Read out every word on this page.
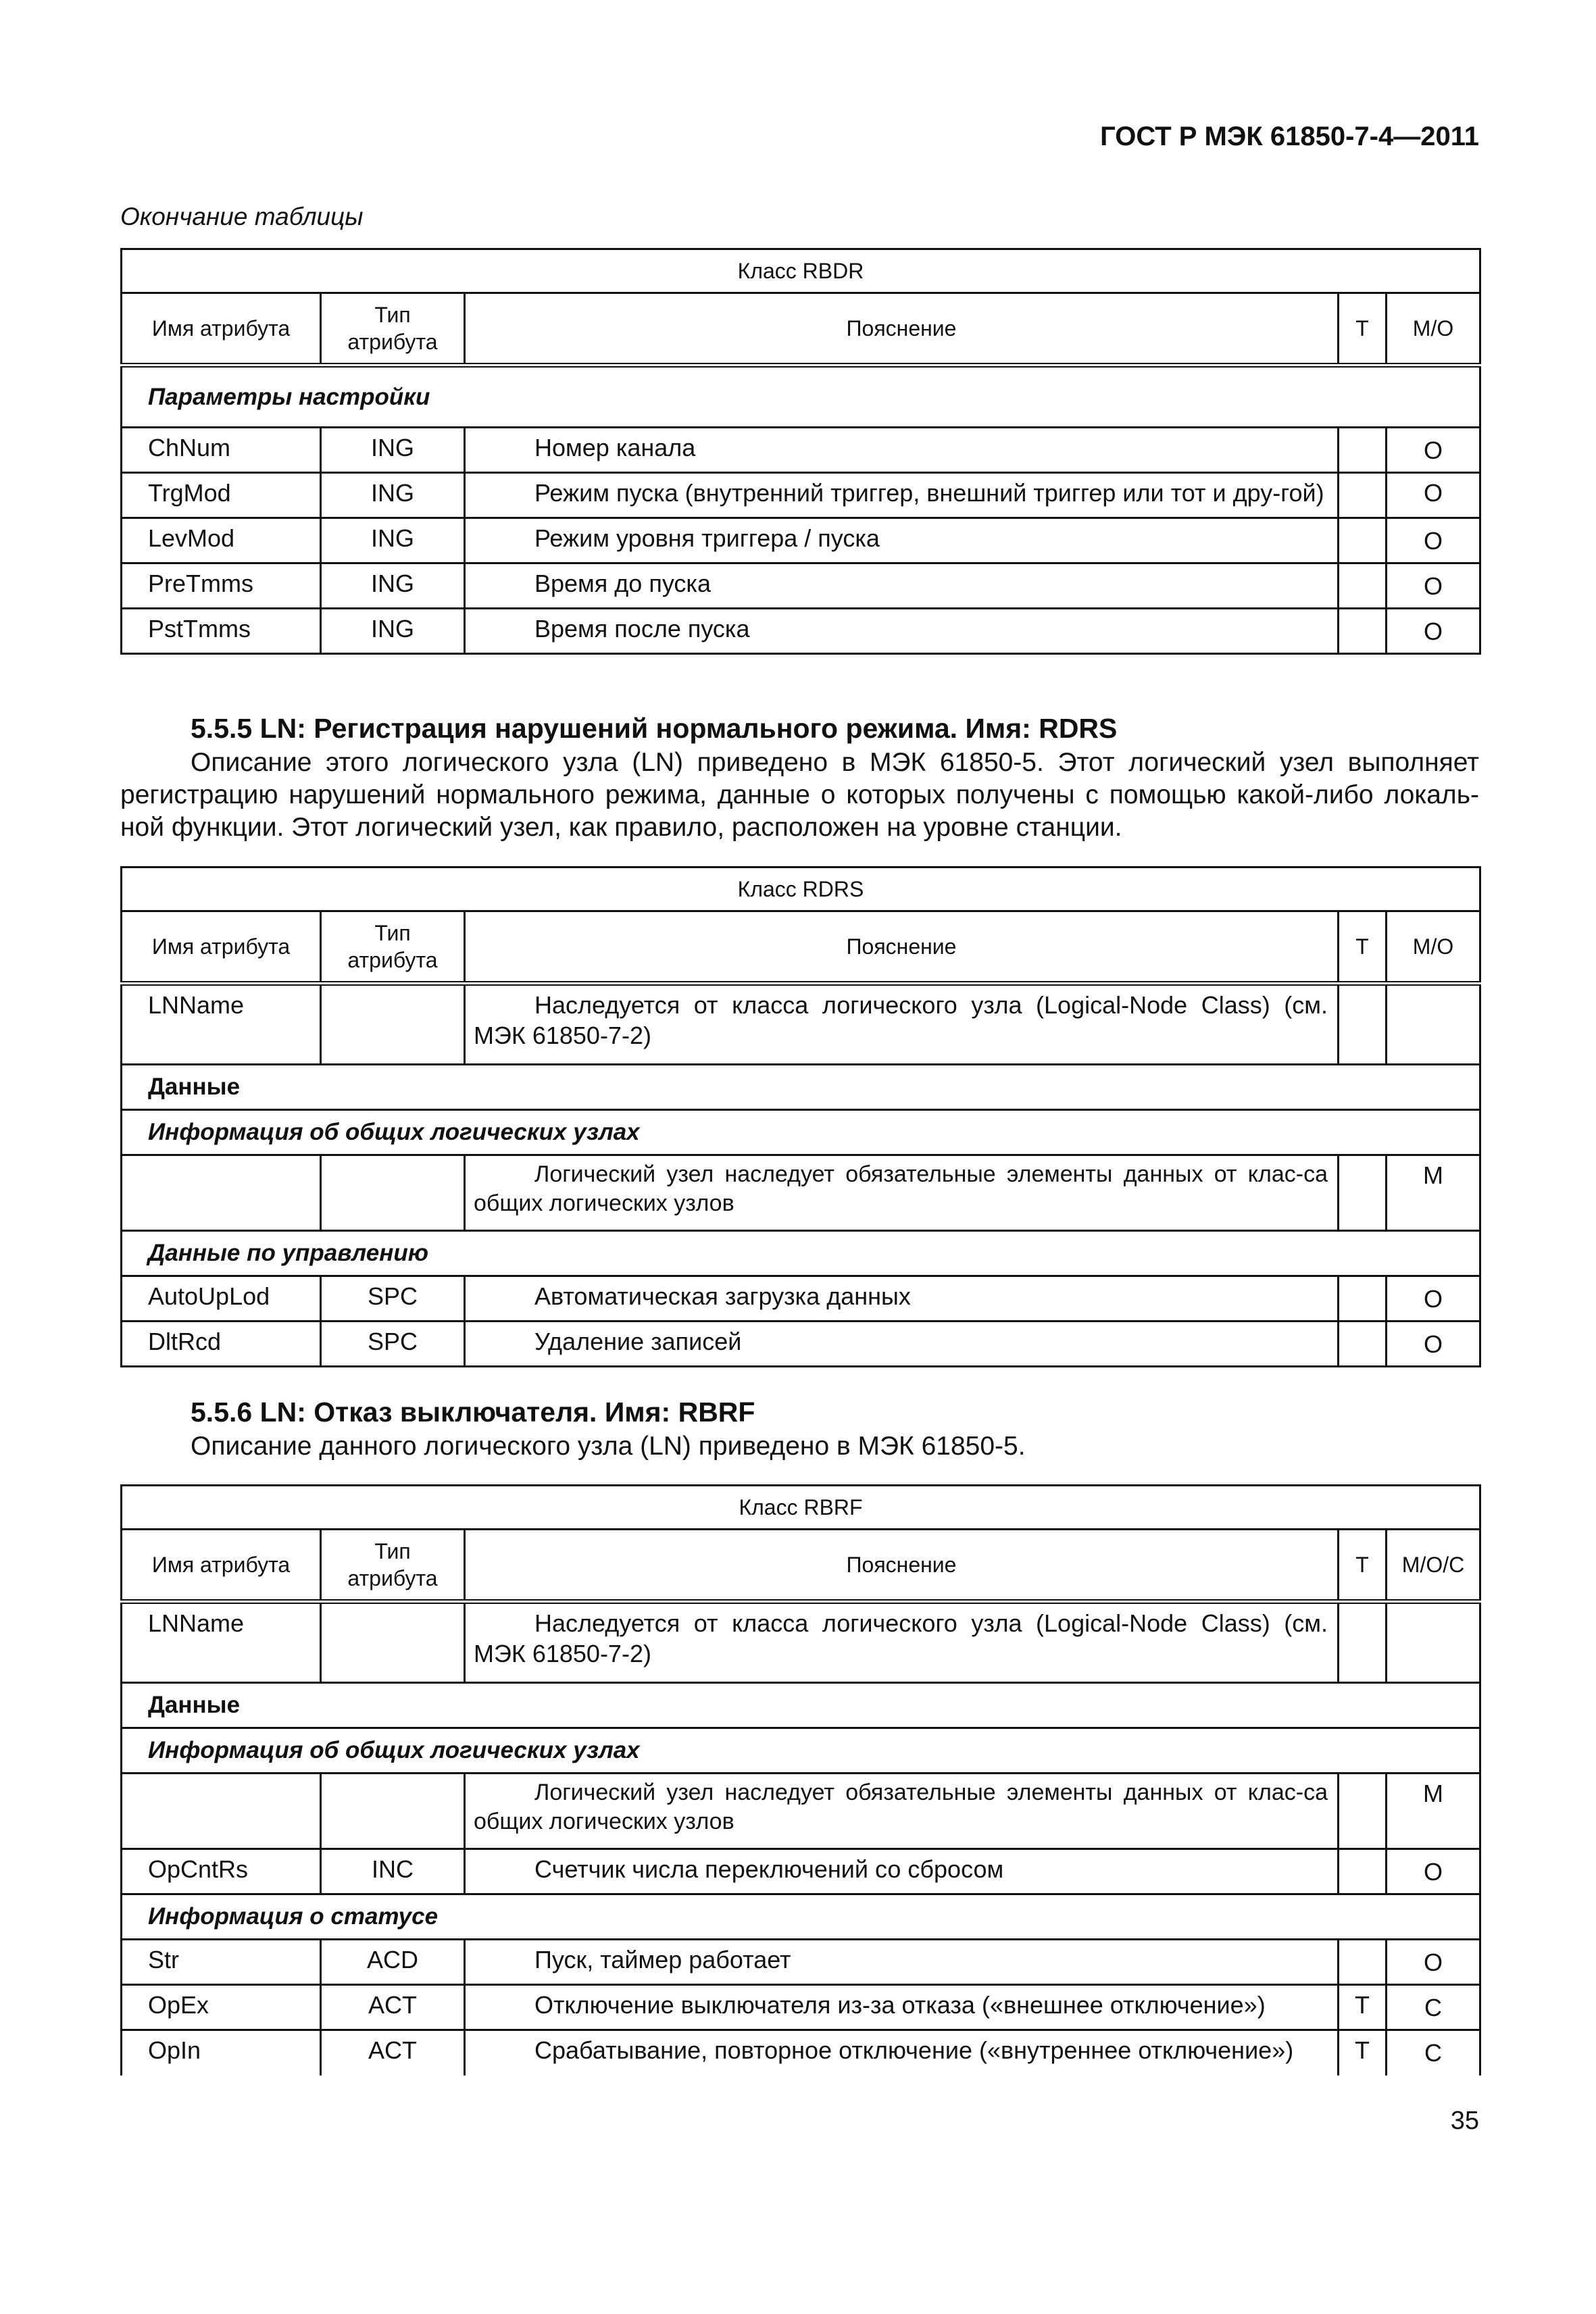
ГОСТ Р МЭК 61850-7-4—2011
Окончание таблицы
Класс RBDR				
Имя атрибута	Тип атрибута	Пояснение	T	M/O
Параметры настройки				
ChNum	ING	Номер канала		O
TrgMod	ING	Режим пуска (внутренний триггер, внешний триггер или тот и дру-гой)		O
LevMod	ING	Режим уровня триггера / пуска		O
PreTmms	ING	Время до пуска		O
PstTmms	ING	Время после пуска		O
5.5.5 LN: Регистрация нарушений нормального режима. Имя: RDRS
Описание этого логического узла (LN) приведено в МЭК 61850-5. Этот логический узел выполняет регистрацию нарушений нормального режима, данные о которых получены с помощью какой-либо локаль-ной функции. Этот логический узел, как правило, расположен на уровне станции.
Класс RDRS				
Имя атрибута	Тип атрибута	Пояснение	T	M/O
LNName		Наследуется от класса логического узла (Logical-Node Class) (см. МЭК 61850-7-2)		
Данные				
Информация об общих логических узлах				
		Логический узел наследует обязательные элементы данных от клас-са общих логических узлов		M
Данные по управлению				
AutoUpLod	SPC	Автоматическая загрузка данных		O
DltRcd	SPC	Удаление записей		O
5.5.6 LN: Отказ выключателя. Имя: RBRF
Описание данного логического узла (LN) приведено в МЭК 61850-5.
Класс RBRF				
Имя атрибута	Тип атрибута	Пояснение	T	M/O/C
LNName		Наследуется от класса логического узла (Logical-Node Class) (см. МЭК 61850-7-2)		
Данные				
Информация об общих логических узлах				
		Логический узел наследует обязательные элементы данных от клас-са общих логических узлов		M
OpCntRs	INC	Счетчик числа переключений со сбросом		O
Информация о статусе				
Str	ACD	Пуск, таймер работает		O
OpEx	ACT	Отключение выключателя из-за отказа («внешнее отключение»)	T	C
OpIn	ACT	Срабатывание, повторное отключение («внутреннее отключение»)	T	C
35
